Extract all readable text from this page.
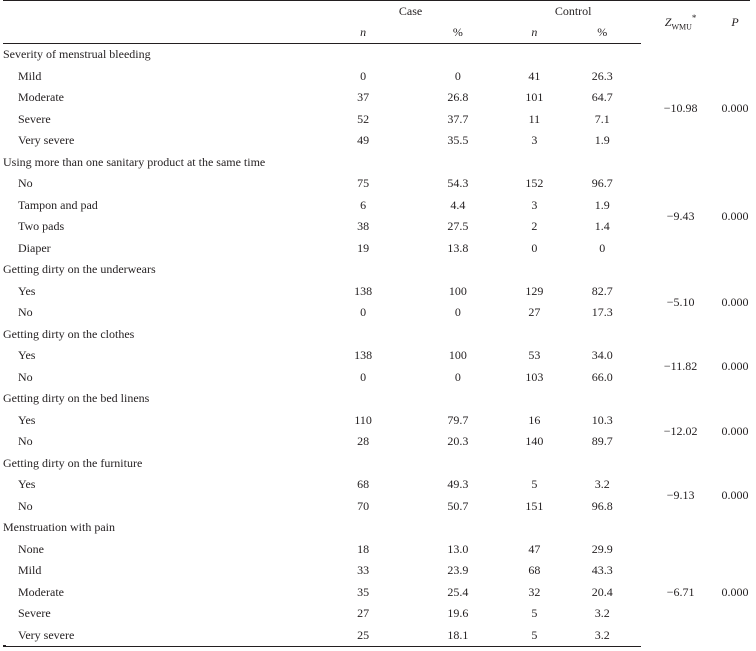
	Case		Control		$Z_{WMU}^*$	P
	n	%	n	%		
Severity of menstrual bleeding						
Mild	0	0	41	26.3	−10.98	0.000
Moderate	37	26.8	101	64.7		
Severe	52	37.7	11	7.1		
Very severe	49	35.5	3	1.9		
Using more than one sanitary product at the same time						
No	75	54.3	152	96.7	−9.43	0.000
Tampon and pad	6	4.4	3	1.9		
Two pads	38	27.5	2	1.4		
Diaper	19	13.8	0	0		
Getting dirty on the underwears						
Yes	138	100	129	82.7	−5.10	0.000
No	0	0	27	17.3		
Getting dirty on the clothes						
Yes	138	100	53	34.0	−11.82	0.000
No	0	0	103	66.0		
Getting dirty on the bed linens						
Yes	110	79.7	16	10.3	−12.02	0.000
No	28	20.3	140	89.7		
Getting dirty on the furniture						
Yes	68	49.3	5	3.2	−9.13	0.000
No	70	50.7	151	96.8		
Menstruation with pain						
None	18	13.0	47	29.9	−6.71	0.000
Mild	33	23.9	68	43.3		
Moderate	35	25.4	32	20.4		
Severe	27	19.6	5	3.2		
Very severe	25	18.1	5	3.2		
